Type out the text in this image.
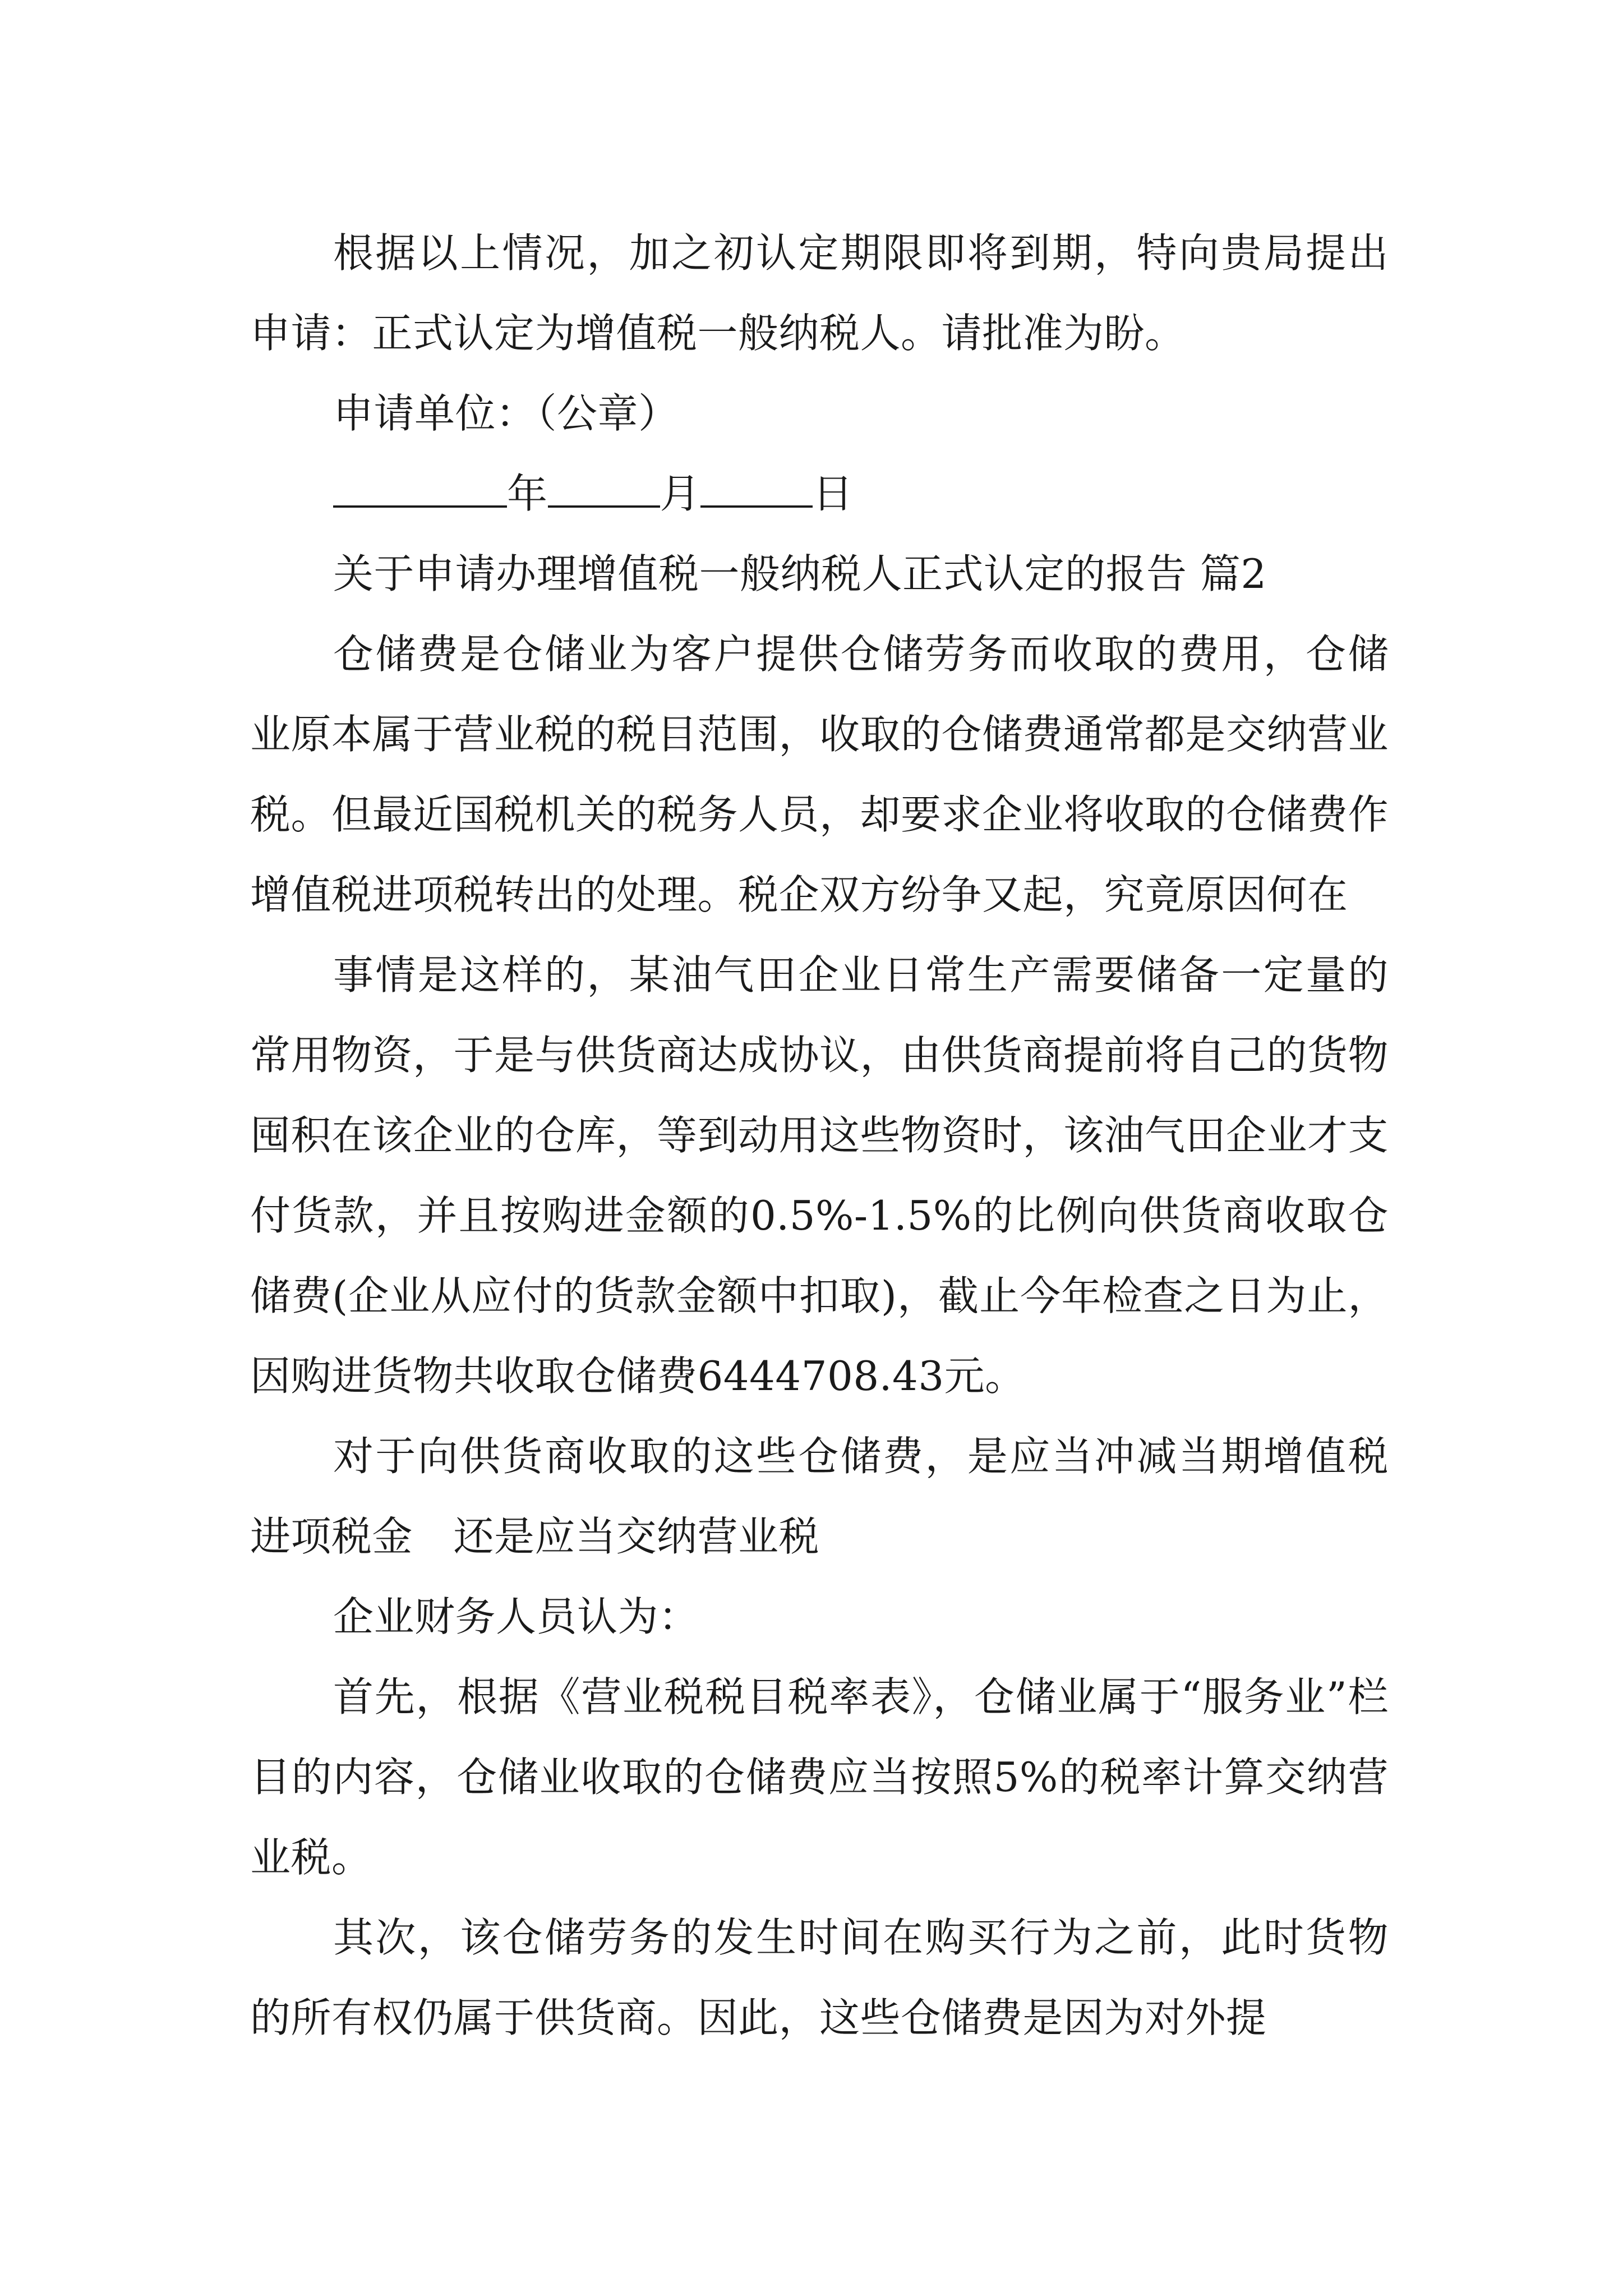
根据以上情况，加之初认定期限即将到期，特向贵局提出申请：正式认定为增值税一般纳税人。请批准为盼。

申请单位：（公章）

年	月	日

关于申请办理增值税一般纳税人正式认定的报告 篇2

仓储费是仓储业为客户提供仓储劳务而收取的费用，仓储业原本属于营业税的税目范围，收取的仓储费通常都是交纳营业税。但最近国税机关的税务人员，却要求企业将收取的仓储费作增值税进项税转出的处理。税企双方纷争又起，究竟原因何在

事情是这样的，某油气田企业日常生产需要储备一定量的常用物资，于是与供货商达成协议，由供货商提前将自己的货物囤积在该企业的仓库，等到动用这些物资时，该油气田企业才支付货款，并且按购进金额的0.5%-1.5%的比例向供货商收取仓储费(企业从应付的货款金额中扣取)，截止今年检查之日为止，因购进货物共收取仓储费6444708.43元。

对于向供货商收取的这些仓储费，是应当冲减当期增值税进项税金　还是应当交纳营业税

企业财务人员认为：

首先，根据《营业税税目税率表》，仓储业属于“服务业”栏目的内容，仓储业收取的仓储费应当按照5%的税率计算交纳营业税。

其次，该仓储劳务的发生时间在购买行为之前，此时货物的所有权仍属于供货商。因此，这些仓储费是因为对外提
